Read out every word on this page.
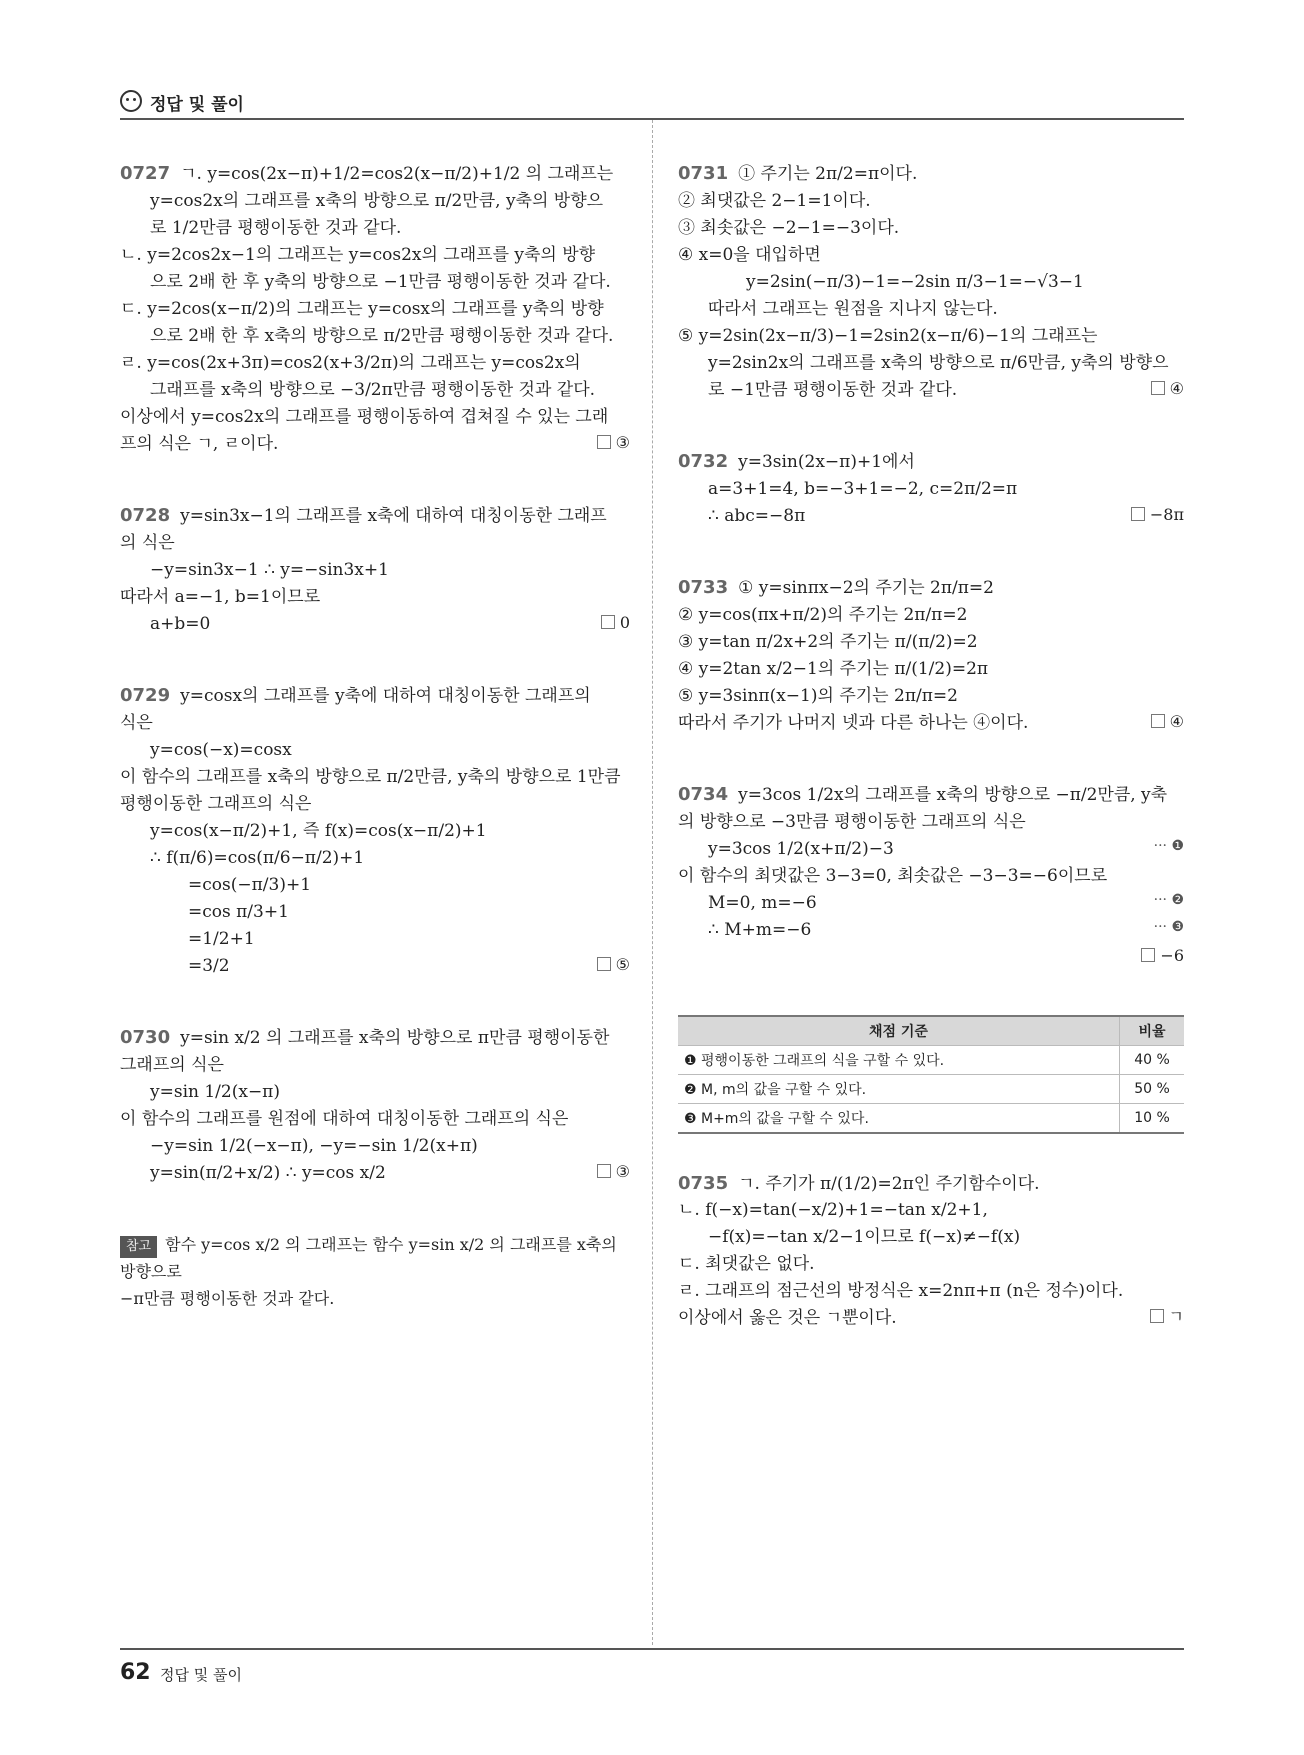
정답 및 풀이
0727 ㄱ. y=cos(2x−π)+1/2=cos2(x−π/2)+1/2 의 그래프는
y=cos2x의 그래프를 x축의 방향으로 π/2만큼, y축의 방향으
로 1/2만큼 평행이동한 것과 같다.
ㄴ. y=2cos2x−1의 그래프는 y=cos2x의 그래프를 y축의 방향
으로 2배 한 후 y축의 방향으로 −1만큼 평행이동한 것과 같다.
ㄷ. y=2cos(x−π/2)의 그래프는 y=cosx의 그래프를 y축의 방향
으로 2배 한 후 x축의 방향으로 π/2만큼 평행이동한 것과 같다.
ㄹ. y=cos(2x+3π)=cos2(x+3/2π)의 그래프는 y=cos2x의
그래프를 x축의 방향으로 −3/2π만큼 평행이동한 것과 같다.
이상에서 y=cos2x의 그래프를 평행이동하여 겹쳐질 수 있는 그래
③
프의 식은 ㄱ, ㄹ이다.
0728 y=sin3x−1의 그래프를 x축에 대하여 대칭이동한 그래프
의 식은
−y=sin3x−1 ∴ y=−sin3x+1
따라서 a=−1, b=1이므로
0
a+b=0
0729 y=cosx의 그래프를 y축에 대하여 대칭이동한 그래프의
식은
y=cos(−x)=cosx
이 함수의 그래프를 x축의 방향으로 π/2만큼, y축의 방향으로 1만큼
평행이동한 그래프의 식은
y=cos(x−π/2)+1, 즉 f(x)=cos(x−π/2)+1
∴ f(π/6)=cos(π/6−π/2)+1
=cos(−π/3)+1
=cos π/3+1
=1/2+1
⑤
=3/2
0730 y=sin x/2 의 그래프를 x축의 방향으로 π만큼 평행이동한
그래프의 식은
y=sin 1/2(x−π)
이 함수의 그래프를 원점에 대하여 대칭이동한 그래프의 식은
−y=sin 1/2(−x−π), −y=−sin 1/2(x+π)
③
y=sin(π/2+x/2) ∴ y=cos x/2
참고 함수 y=cos x/2 의 그래프는 함수 y=sin x/2 의 그래프를 x축의 방향으로
−π만큼 평행이동한 것과 같다.
0731 ① 주기는 2π/2=π이다.
② 최댓값은 2−1=1이다.
③ 최솟값은 −2−1=−3이다.
④ x=0을 대입하면
y=2sin(−π/3)−1=−2sin π/3−1=−√3−1
따라서 그래프는 원점을 지나지 않는다.
⑤ y=2sin(2x−π/3)−1=2sin2(x−π/6)−1의 그래프는
y=2sin2x의 그래프를 x축의 방향으로 π/6만큼, y축의 방향으
④
로 −1만큼 평행이동한 것과 같다.
0732 y=3sin(2x−π)+1에서
a=3+1=4, b=−3+1=−2, c=2π/2=π
−8π
∴ abc=−8π
0733 ① y=sinπx−2의 주기는 2π/π=2
② y=cos(πx+π/2)의 주기는 2π/π=2
③ y=tan π/2x+2의 주기는 π/(π/2)=2
④ y=2tan x/2−1의 주기는 π/(1/2)=2π
⑤ y=3sinπ(x−1)의 주기는 2π/π=2
④
따라서 주기가 나머지 넷과 다른 하나는 ④이다.
0734 y=3cos 1/2x의 그래프를 x축의 방향으로 −π/2만큼, y축
의 방향으로 −3만큼 평행이동한 그래프의 식은
··· ❶
y=3cos 1/2(x+π/2)−3
이 함수의 최댓값은 3−3=0, 최솟값은 −3−3=−6이므로
··· ❷
M=0, m=−6
··· ❸
∴ M+m=−6
−6
채점 기준	비율
❶ 평행이동한 그래프의 식을 구할 수 있다.	40 %
❷ M, m의 값을 구할 수 있다.	50 %
❸ M+m의 값을 구할 수 있다.	10 %
0735 ㄱ. 주기가 π/(1/2)=2π인 주기함수이다.
ㄴ. f(−x)=tan(−x/2)+1=−tan x/2+1,
−f(x)=−tan x/2−1이므로 f(−x)≠−f(x)
ㄷ. 최댓값은 없다.
ㄹ. 그래프의 점근선의 방정식은 x=2nπ+π (n은 정수)이다.
ㄱ
이상에서 옳은 것은 ㄱ뿐이다.
62 정답 및 풀이
